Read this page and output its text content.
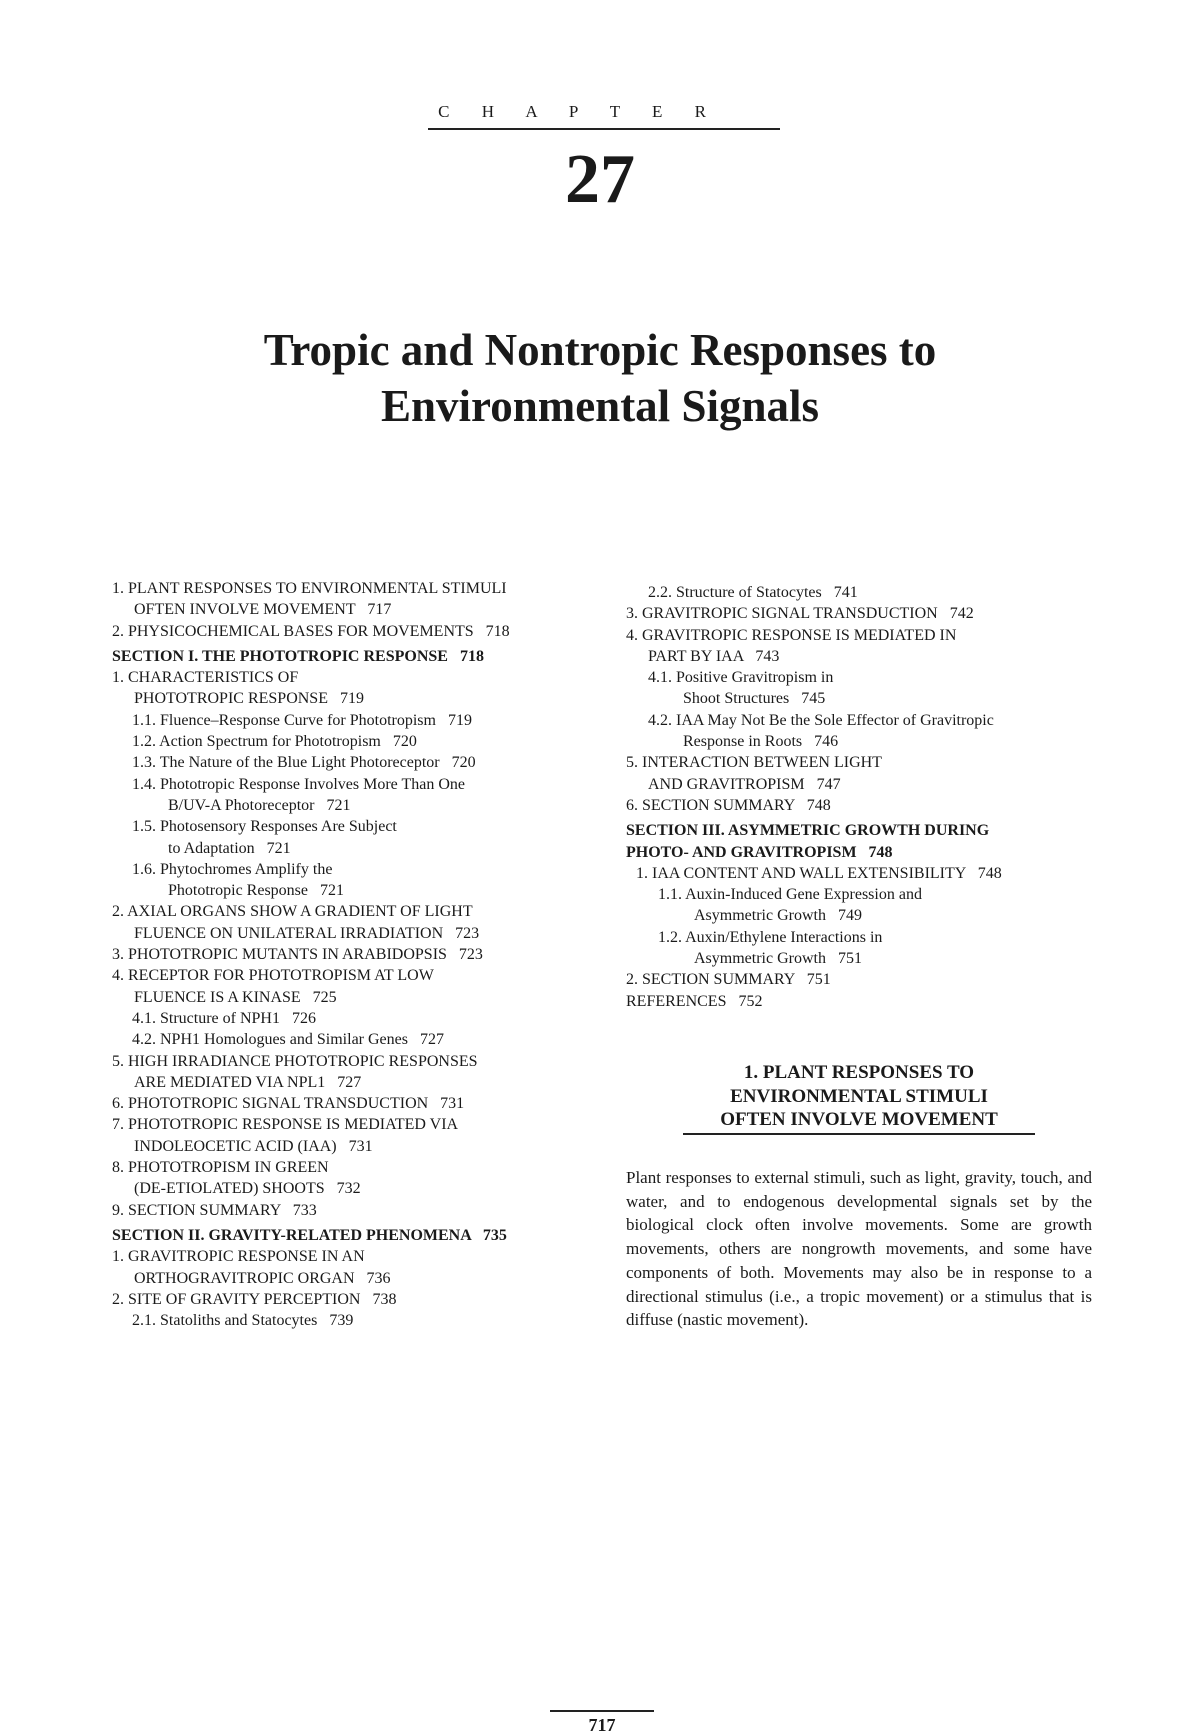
C H A P T E R
27
Tropic and Nontropic Responses to
Environmental Signals
1. PLANT RESPONSES TO ENVIRONMENTAL STIMULI
OFTEN INVOLVE MOVEMENT   717
2. PHYSICOCHEMICAL BASES FOR MOVEMENTS   718
SECTION I. THE PHOTOTROPIC RESPONSE   718
1. CHARACTERISTICS OF
PHOTOTROPIC RESPONSE   719
1.1. Fluence–Response Curve for Phototropism   719
1.2. Action Spectrum for Phototropism   720
1.3. The Nature of the Blue Light Photoreceptor   720
1.4. Phototropic Response Involves More Than One
B/UV-A Photoreceptor   721
1.5. Photosensory Responses Are Subject
to Adaptation   721
1.6. Phytochromes Amplify the
Phototropic Response   721
2. AXIAL ORGANS SHOW A GRADIENT OF LIGHT
FLUENCE ON UNILATERAL IRRADIATION   723
3. PHOTOTROPIC MUTANTS IN ARABIDOPSIS   723
4. RECEPTOR FOR PHOTOTROPISM AT LOW
FLUENCE IS A KINASE   725
4.1. Structure of NPH1   726
4.2. NPH1 Homologues and Similar Genes   727
5. HIGH IRRADIANCE PHOTOTROPIC RESPONSES
ARE MEDIATED VIA NPL1   727
6. PHOTOTROPIC SIGNAL TRANSDUCTION   731
7. PHOTOTROPIC RESPONSE IS MEDIATED VIA
INDOLEOCETIC ACID (IAA)   731
8. PHOTOTROPISM IN GREEN
(DE-ETIOLATED) SHOOTS   732
9. SECTION SUMMARY   733
SECTION II. GRAVITY-RELATED PHENOMENA   735
1. GRAVITROPIC RESPONSE IN AN
ORTHOGRAVITROPIC ORGAN   736
2. SITE OF GRAVITY PERCEPTION   738
2.1. Statoliths and Statocytes   739
2.2. Structure of Statocytes   741
3. GRAVITROPIC SIGNAL TRANSDUCTION   742
4. GRAVITROPIC RESPONSE IS MEDIATED IN
PART BY IAA   743
4.1. Positive Gravitropism in
Shoot Structures   745
4.2. IAA May Not Be the Sole Effector of Gravitropic
Response in Roots   746
5. INTERACTION BETWEEN LIGHT
AND GRAVITROPISM   747
6. SECTION SUMMARY   748
SECTION III. ASYMMETRIC GROWTH DURING
PHOTO- AND GRAVITROPISM   748
1. IAA CONTENT AND WALL EXTENSIBILITY   748
1.1. Auxin-Induced Gene Expression and
Asymmetric Growth   749
1.2. Auxin/Ethylene Interactions in
Asymmetric Growth   751
2. SECTION SUMMARY   751
REFERENCES   752
1. PLANT RESPONSES TO
ENVIRONMENTAL STIMULI
OFTEN INVOLVE MOVEMENT
Plant responses to external stimuli, such as light, gravity, touch, and water, and to endogenous developmental signals set by the biological clock often involve movements. Some are growth movements, others are nongrowth movements, and some have components of both. Movements may also be in response to a directional stimulus (i.e., a tropic movement) or a stimulus that is diffuse (nastic movement).
717
